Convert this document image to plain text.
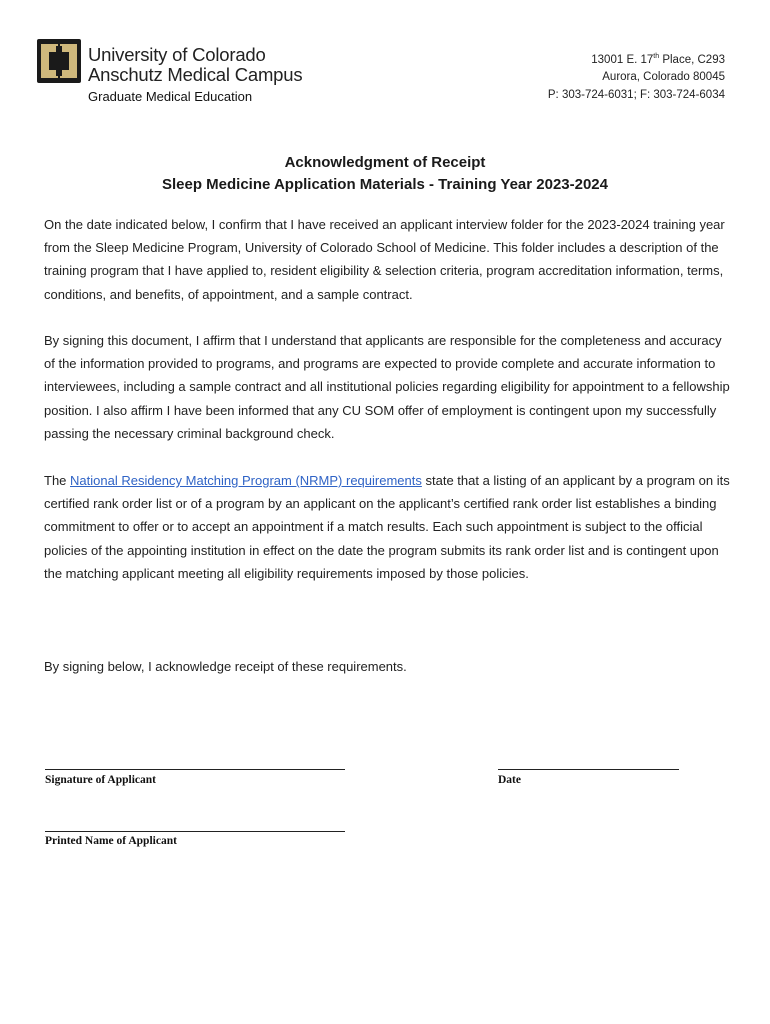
University of Colorado
Anschutz Medical Campus
Graduate Medical Education
13001 E. 17th Place, C293
Aurora, Colorado 80045
P: 303-724-6031; F: 303-724-6034
Acknowledgment of Receipt
Sleep Medicine Application Materials - Training Year 2023-2024
On the date indicated below, I confirm that I have received an applicant interview folder for the 2023-2024 training year from the Sleep Medicine Program, University of Colorado School of Medicine. This folder includes a description of the training program that I have applied to, resident eligibility & selection criteria, program accreditation information, terms, conditions, and benefits, of appointment, and a sample contract.
By signing this document, I affirm that I understand that applicants are responsible for the completeness and accuracy of the information provided to programs, and programs are expected to provide complete and accurate information to interviewees, including a sample contract and all institutional policies regarding eligibility for appointment to a fellowship position. I also affirm I have been informed that any CU SOM offer of employment is contingent upon my successfully passing the necessary criminal background check.
The National Residency Matching Program (NRMP) requirements state that a listing of an applicant by a program on its certified rank order list or of a program by an applicant on the applicant’s certified rank order list establishes a binding commitment to offer or to accept an appointment if a match results. Each such appointment is subject to the official policies of the appointing institution in effect on the date the program submits its rank order list and is contingent upon the matching applicant meeting all eligibility requirements imposed by those policies.
By signing below, I acknowledge receipt of these requirements.
Signature of Applicant	Date
Printed Name of Applicant
